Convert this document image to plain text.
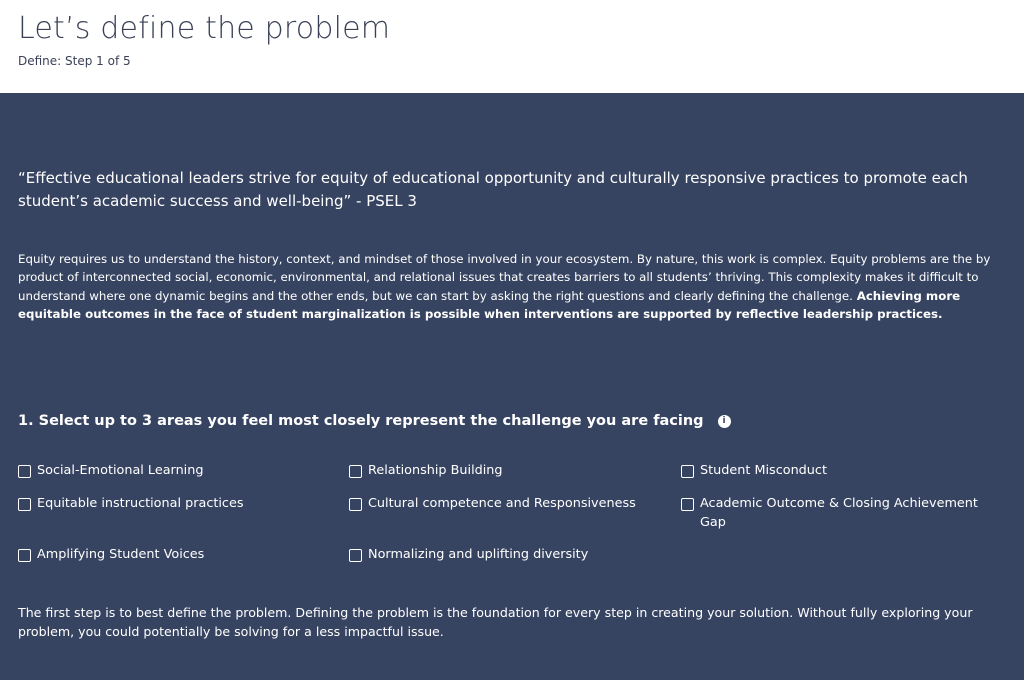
Let’s define the problem
Define: Step 1 of 5
“Effective educational leaders strive for equity of educational opportunity and culturally responsive practices to promote each student’s academic success and well-being” - PSEL 3
Equity requires us to understand the history, context, and mindset of those involved in your ecosystem. By nature, this work is complex. Equity problems are the by product of interconnected social, economic, environmental, and relational issues that creates barriers to all students’ thriving. This complexity makes it difficult to understand where one dynamic begins and the other ends, but we can start by asking the right questions and clearly defining the challenge. Achieving more equitable outcomes in the face of student marginalization is possible when interventions are supported by reflective leadership practices.
1. Select up to 3 areas you feel most closely represent the challenge you are facing	i
Social-Emotional Learning	Relationship Building	Student Misconduct
Equitable instructional practices	Cultural competence and Responsiveness	Academic Outcome & Closing Achievement Gap
Amplifying Student Voices	Normalizing and uplifting diversity
The first step is to best define the problem. Defining the problem is the foundation for every step in creating your solution. Without fully exploring your problem, you could potentially be solving for a less impactful issue.
